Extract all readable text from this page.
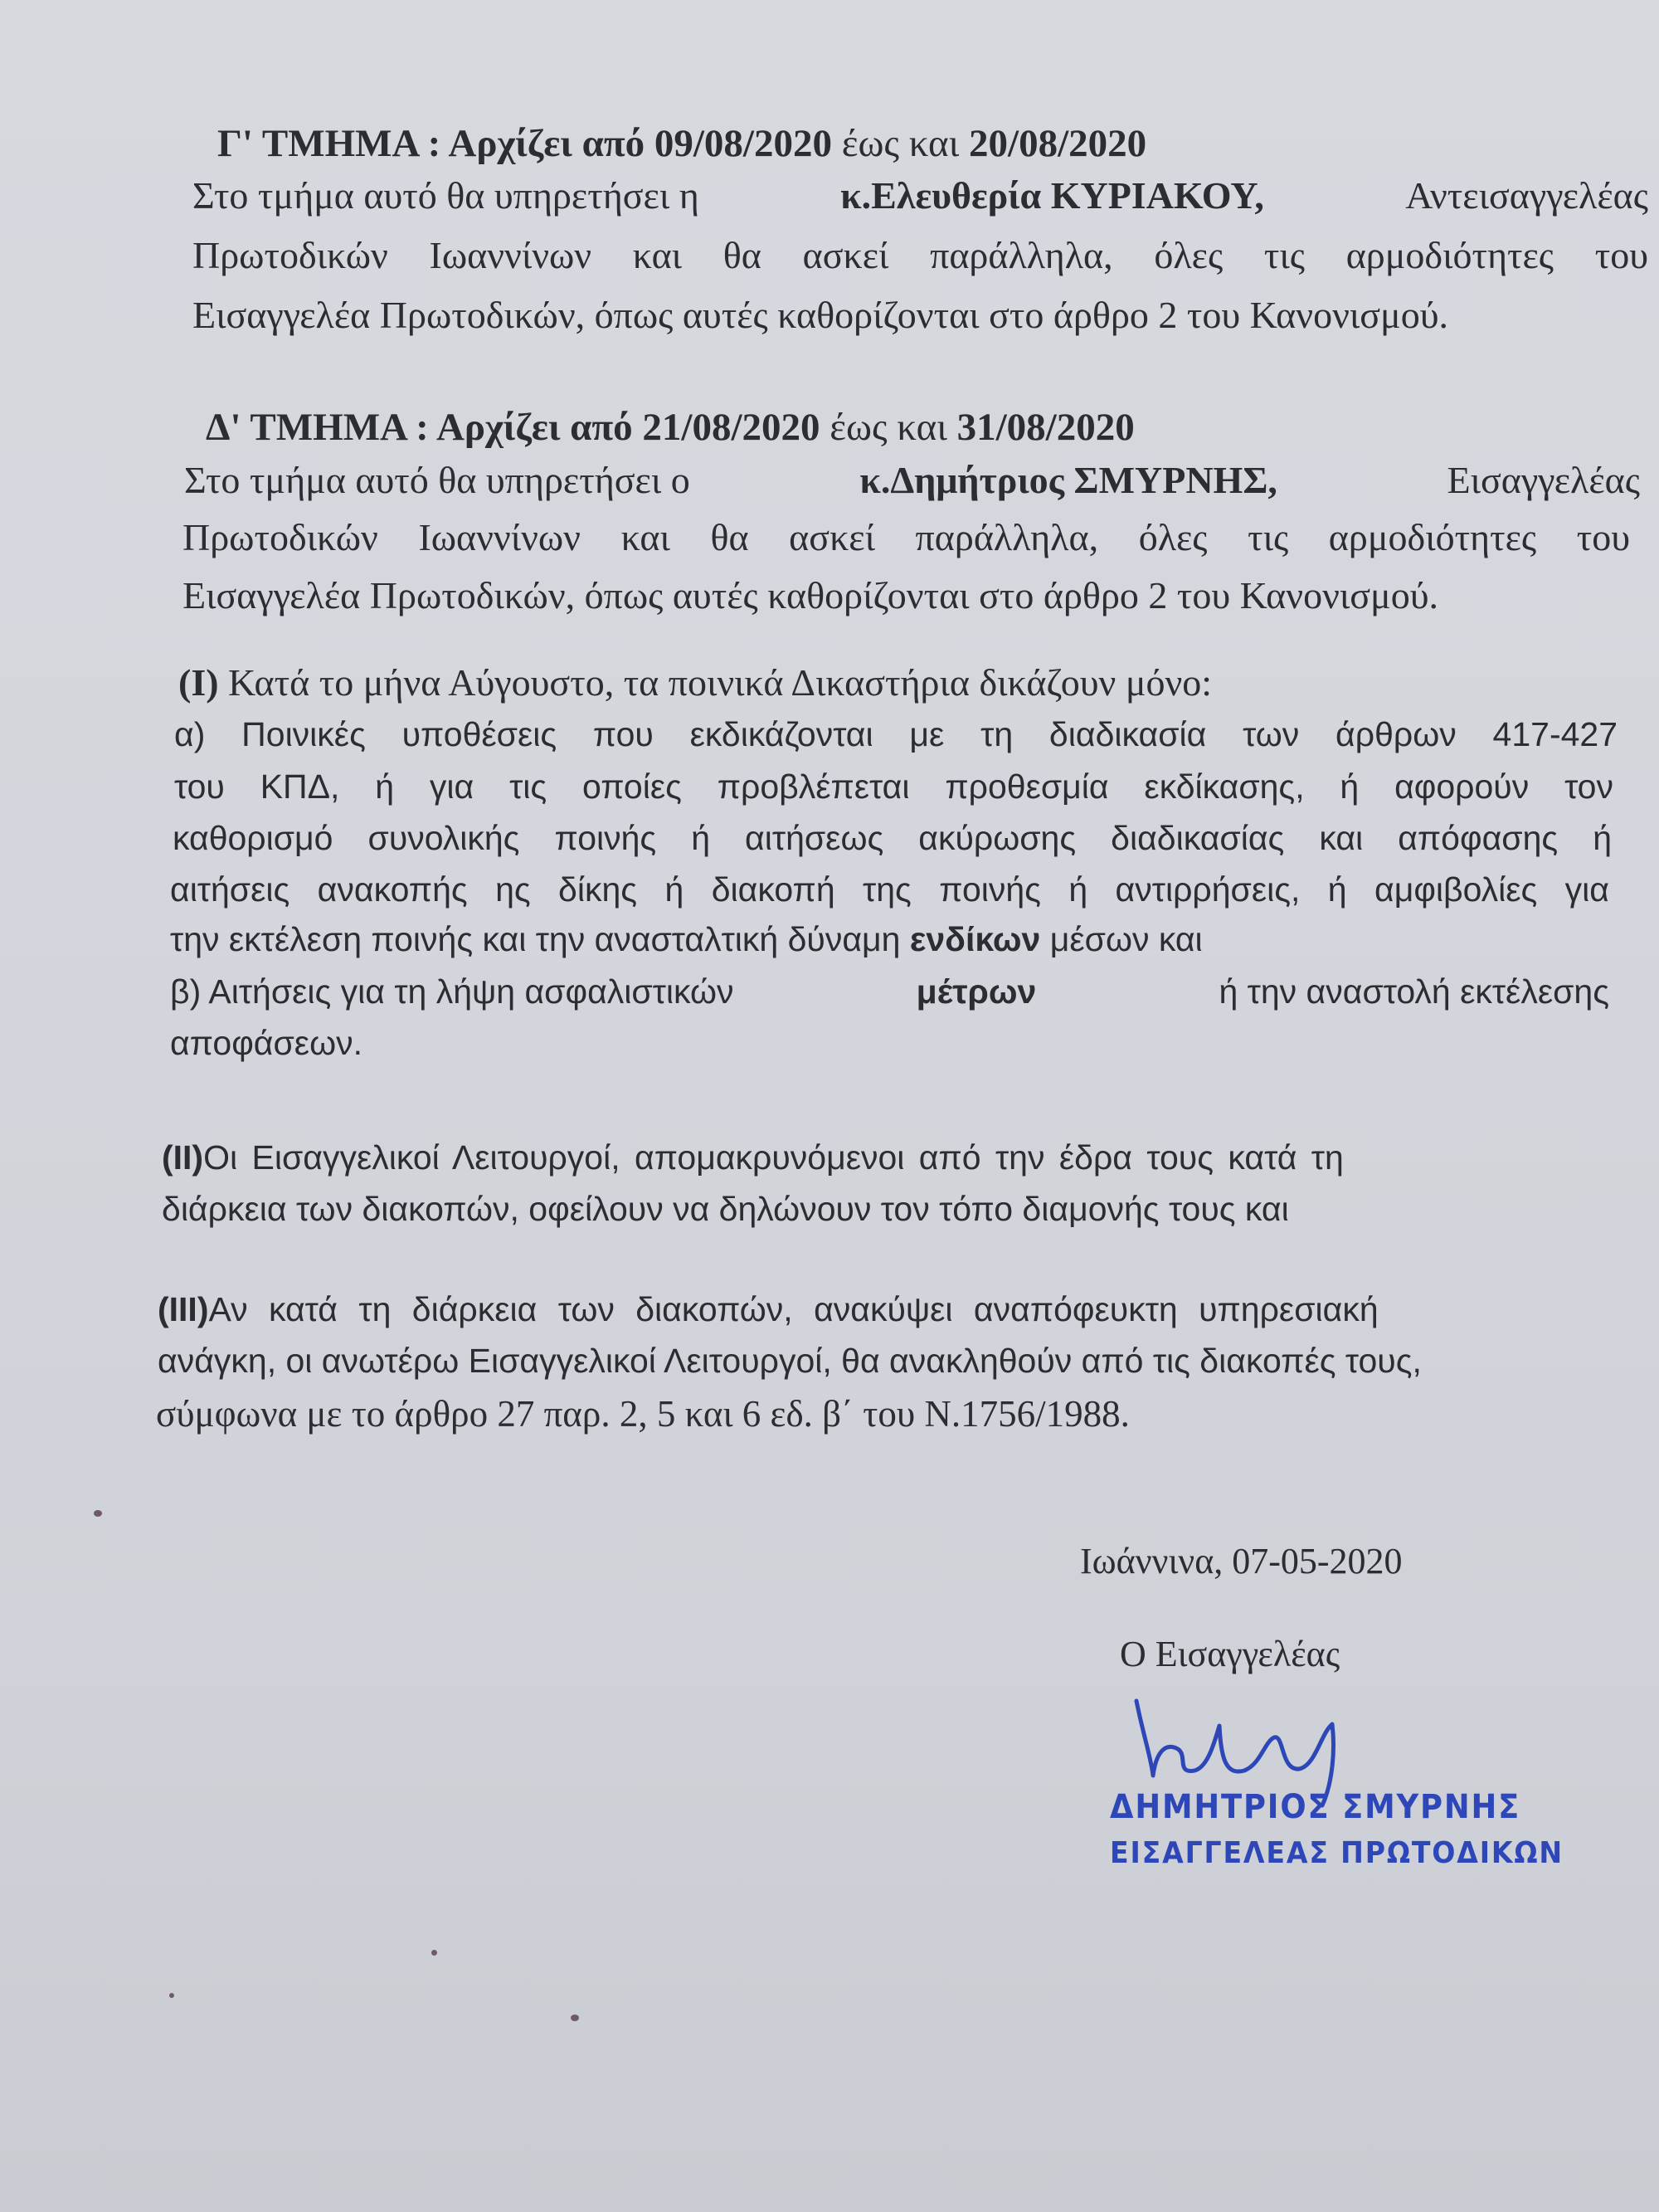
Γ' ΤΜΗΜΑ : Αρχίζει από 09/08/2020 έως και 20/08/2020
Στο τμήμα αυτό θα υπηρετήσει η	κ.Ελευθερία ΚΥΡΙΑΚΟΥ,	Αντεισαγγελέας
Πρωτοδικών Ιωαννίνων και θα ασκεί παράλληλα, όλες τις αρμοδιότητες του
Εισαγγελέα Πρωτοδικών, όπως αυτές καθορίζονται στο άρθρο 2 του Κανονισμού.
Δ' ΤΜΗΜΑ : Αρχίζει από 21/08/2020 έως και 31/08/2020
Στο τμήμα αυτό θα υπηρετήσει ο	κ.Δημήτριος ΣΜΥΡΝΗΣ,	Εισαγγελέας
Πρωτοδικών Ιωαννίνων και θα ασκεί παράλληλα, όλες τις αρμοδιότητες του
Εισαγγελέα Πρωτοδικών, όπως αυτές καθορίζονται στο άρθρο 2 του Κανονισμού.
(I) Κατά το μήνα Αύγουστο, τα ποινικά Δικαστήρια δικάζουν μόνο:
α) Ποινικές υποθέσεις που εκδικάζονται με τη διαδικασία των άρθρων 417-427
του ΚΠΔ, ή για τις οποίες προβλέπεται προθεσμία εκδίκασης, ή αφορούν τον
καθορισμό συνολικής ποινής ή αιτήσεως ακύρωσης διαδικασίας και απόφασης ή
αιτήσεις ανακοπής ης δίκης ή διακοπή της ποινής ή αντιρρήσεις, ή αμφιβολίες για
την εκτέλεση ποινής και την ανασταλτική δύναμη ενδίκων μέσων και
β) Αιτήσεις για τη λήψη ασφαλιστικών	μέτρων	ή την αναστολή εκτέλεσης
αποφάσεων.
(II)Οι Εισαγγελικοί Λειτουργοί, απομακρυνόμενοι από την έδρα τους κατά τη
διάρκεια των διακοπών, οφείλουν να δηλώνουν τον τόπο διαμονής τους και
(III)Αν κατά τη διάρκεια των διακοπών, ανακύψει αναπόφευκτη υπηρεσιακή
ανάγκη, οι ανωτέρω Εισαγγελικοί Λειτουργοί, θα ανακληθούν από τις διακοπές τους,
σύμφωνα με το άρθρο 27 παρ. 2, 5 και 6 εδ. β΄ του Ν.1756/1988.
Ιωάννινα, 07-05-2020
Ο Εισαγγελέας
ΔΗΜΗΤΡΙΟΣ ΣΜΥΡΝΗΣ
ΕΙΣΑΓΓΕΛΕΑΣ ΠΡΩΤΟΔΙΚΩΝ
